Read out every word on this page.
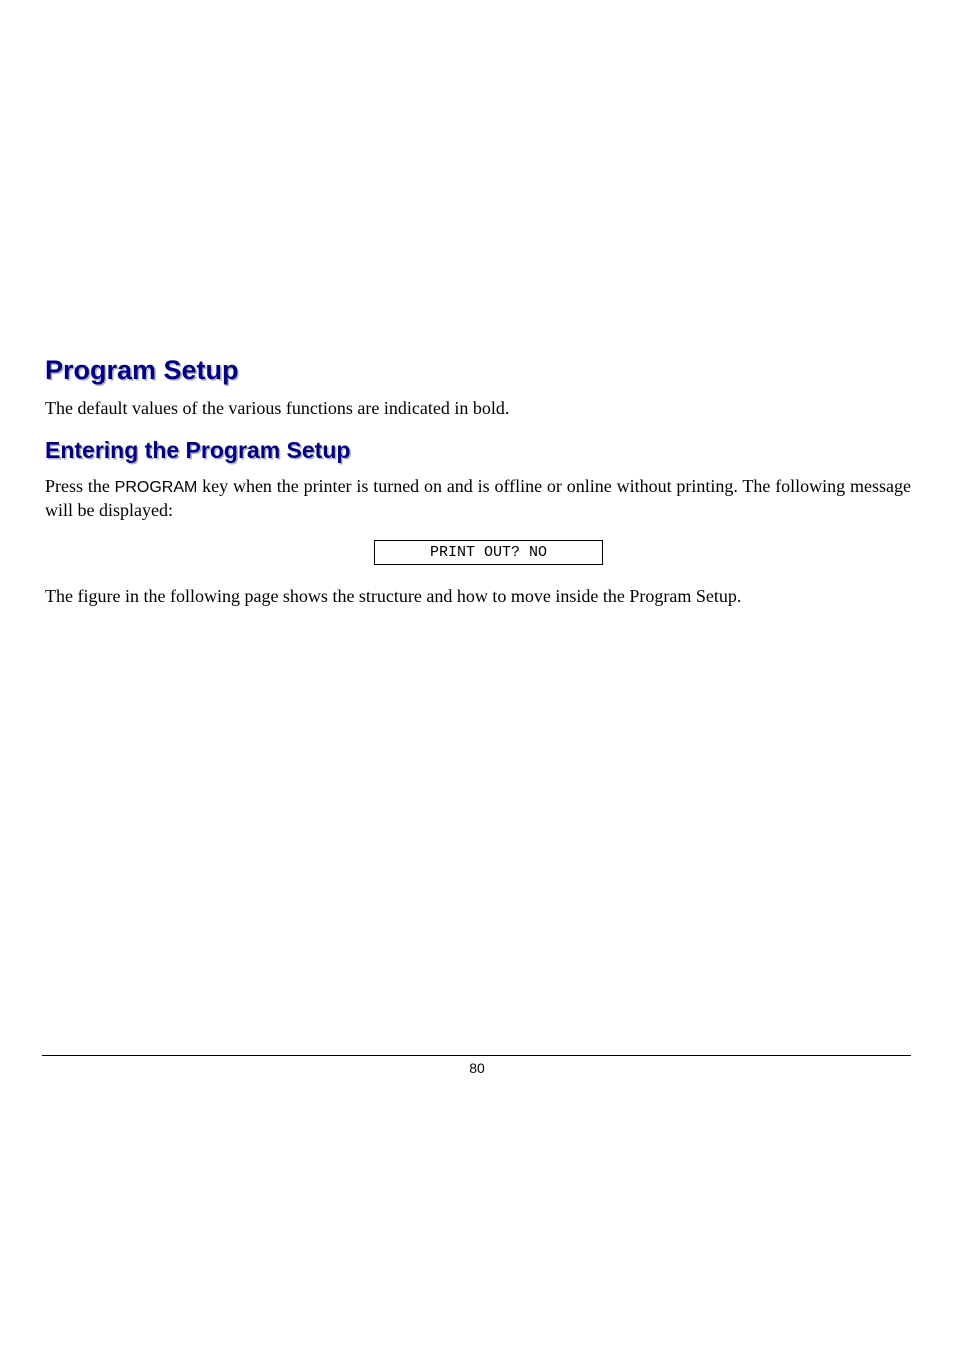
Program Setup

The default values of the various functions are indicated in bold.

Entering the Program Setup

Press the PROGRAM key when the printer is turned on and is offline or online without printing. The following message will be displayed:

PRINT OUT? NO

The figure in the following page shows the structure and how to move inside the Program Setup.

80
